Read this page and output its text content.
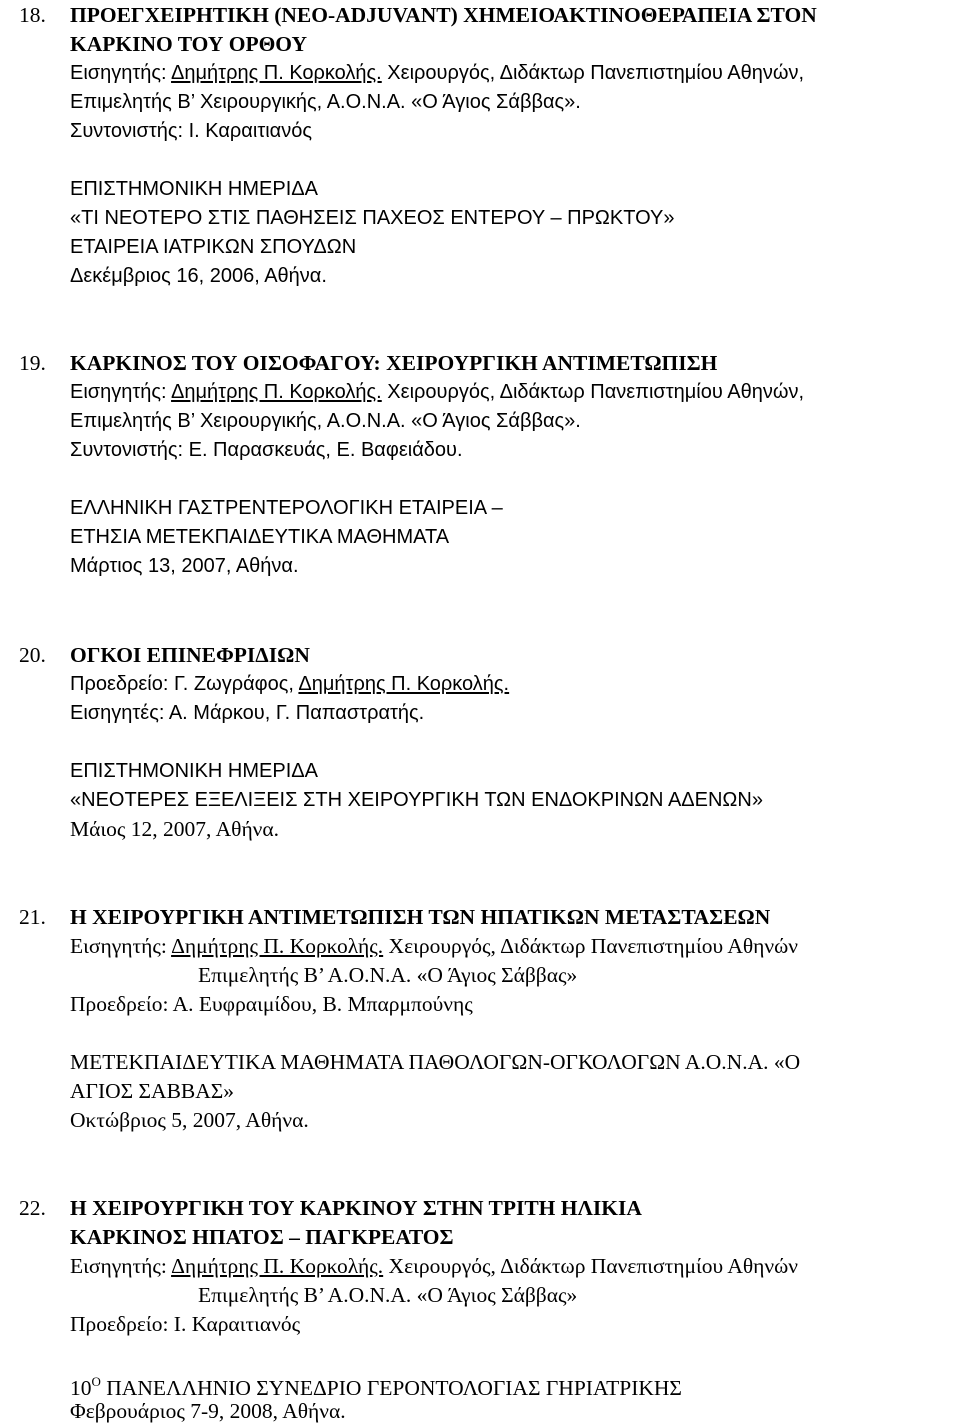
18. ΠΡΟΕΓΧΕΙΡΗΤΙΚΗ (ΝΕΟ-ADJUVANT) ΧΗΜΕΙΟΑΚΤΙΝΟΘΕΡΑΠΕΙΑ ΣΤΟΝ
ΚΑΡΚΙΝΟ ΤΟΥ ΟΡΘΟΥ
Εισηγητής: Δημήτρης Π. Κορκολής. Χειρουργός, Διδάκτωρ Πανεπιστημίου Αθηνών,
Επιμελητής Β’ Χειρουργικής, Α.Ο.Ν.Α. «Ο Άγιος Σάββας».
Συντονιστής: Ι. Καραιτιανός
ΕΠΙΣΤΗΜΟΝΙΚΗ ΗΜΕΡΙΔΑ
«ΤΙ ΝΕΟΤΕΡΟ ΣΤΙΣ ΠΑΘΗΣΕΙΣ ΠΑΧΕΟΣ ΕΝΤΕΡΟΥ – ΠΡΩΚΤΟΥ»
ΕΤΑΙΡΕΙΑ ΙΑΤΡΙΚΩΝ ΣΠΟΥΔΩΝ
Δεκέμβριος 16, 2006, Αθήνα.
19. ΚΑΡΚΙΝΟΣ ΤΟΥ ΟΙΣΟΦΑΓΟΥ: ΧΕΙΡΟΥΡΓΙΚΗ ΑΝΤΙΜΕΤΩΠΙΣΗ
Εισηγητής: Δημήτρης Π. Κορκολής. Χειρουργός, Διδάκτωρ Πανεπιστημίου Αθηνών,
Επιμελητής Β’ Χειρουργικής, Α.Ο.Ν.Α. «Ο Άγιος Σάββας».
Συντονιστής: Ε. Παρασκευάς, Ε. Βαφειάδου.
ΕΛΛΗΝΙΚΗ ΓΑΣΤΡΕΝΤΕΡΟΛΟΓΙΚΗ ΕΤΑΙΡΕΙΑ –
ΕΤΗΣΙΑ ΜΕΤΕΚΠΑΙΔΕΥΤΙΚΑ ΜΑΘΗΜΑΤΑ
Μάρτιος 13, 2007, Αθήνα.
20. ΟΓΚΟΙ ΕΠΙΝΕΦΡΙΔΙΩΝ
Προεδρείο: Γ. Ζωγράφος, Δημήτρης Π. Κορκολής.
Εισηγητές: Α. Μάρκου, Γ. Παπαστρατής.
ΕΠΙΣΤΗΜΟΝΙΚΗ ΗΜΕΡΙΔΑ
«ΝΕΟΤΕΡΕΣ ΕΞΕΛΙΞΕΙΣ ΣΤΗ ΧΕΙΡΟΥΡΓΙΚΗ ΤΩΝ ΕΝΔΟΚΡΙΝΩΝ ΑΔΕΝΩΝ»
Μάιος 12, 2007, Αθήνα.
21. Η ΧΕΙΡΟΥΡΓΙΚΗ ΑΝΤΙΜΕΤΩΠΙΣΗ ΤΩΝ ΗΠΑΤΙΚΩΝ ΜΕΤΑΣΤΑΣΕΩΝ
Εισηγητής: Δημήτρης Π. Κορκολής. Χειρουργός, Διδάκτωρ Πανεπιστημίου Αθηνών
Επιμελητής Β’ Α.Ο.Ν.Α. «Ο Άγιος Σάββας»
Προεδρείο: Α. Ευφραιμίδου, Β. Μπαρμπούνης
ΜΕΤΕΚΠΑΙΔΕΥΤΙΚΑ ΜΑΘΗΜΑΤΑ ΠΑΘΟΛΟΓΩΝ-ΟΓΚΟΛΟΓΩΝ Α.Ο.Ν.Α. «Ο
ΑΓΙΟΣ ΣΑΒΒΑΣ»
Οκτώβριος 5, 2007, Αθήνα.
22. Η ΧΕΙΡΟΥΡΓΙΚΗ ΤΟΥ ΚΑΡΚΙΝΟΥ ΣΤΗΝ ΤΡΙΤΗ ΗΛΙΚΙΑ
ΚΑΡΚΙΝΟΣ ΗΠΑΤΟΣ – ΠΑΓΚΡΕΑΤΟΣ
Εισηγητής: Δημήτρης Π. Κορκολής. Χειρουργός, Διδάκτωρ Πανεπιστημίου Αθηνών
Επιμελητής Β’ Α.Ο.Ν.Α. «Ο Άγιος Σάββας»
Προεδρείο: Ι. Καραιτιανός
$10^O$ ΠΑΝΕΛΛΗΝΙΟ ΣΥΝΕΔΡΙΟ ΓΕΡΟΝΤΟΛΟΓΙΑΣ ΓΗΡΙΑΤΡΙΚΗΣ
Φεβρουάριος 7-9, 2008, Αθήνα.
